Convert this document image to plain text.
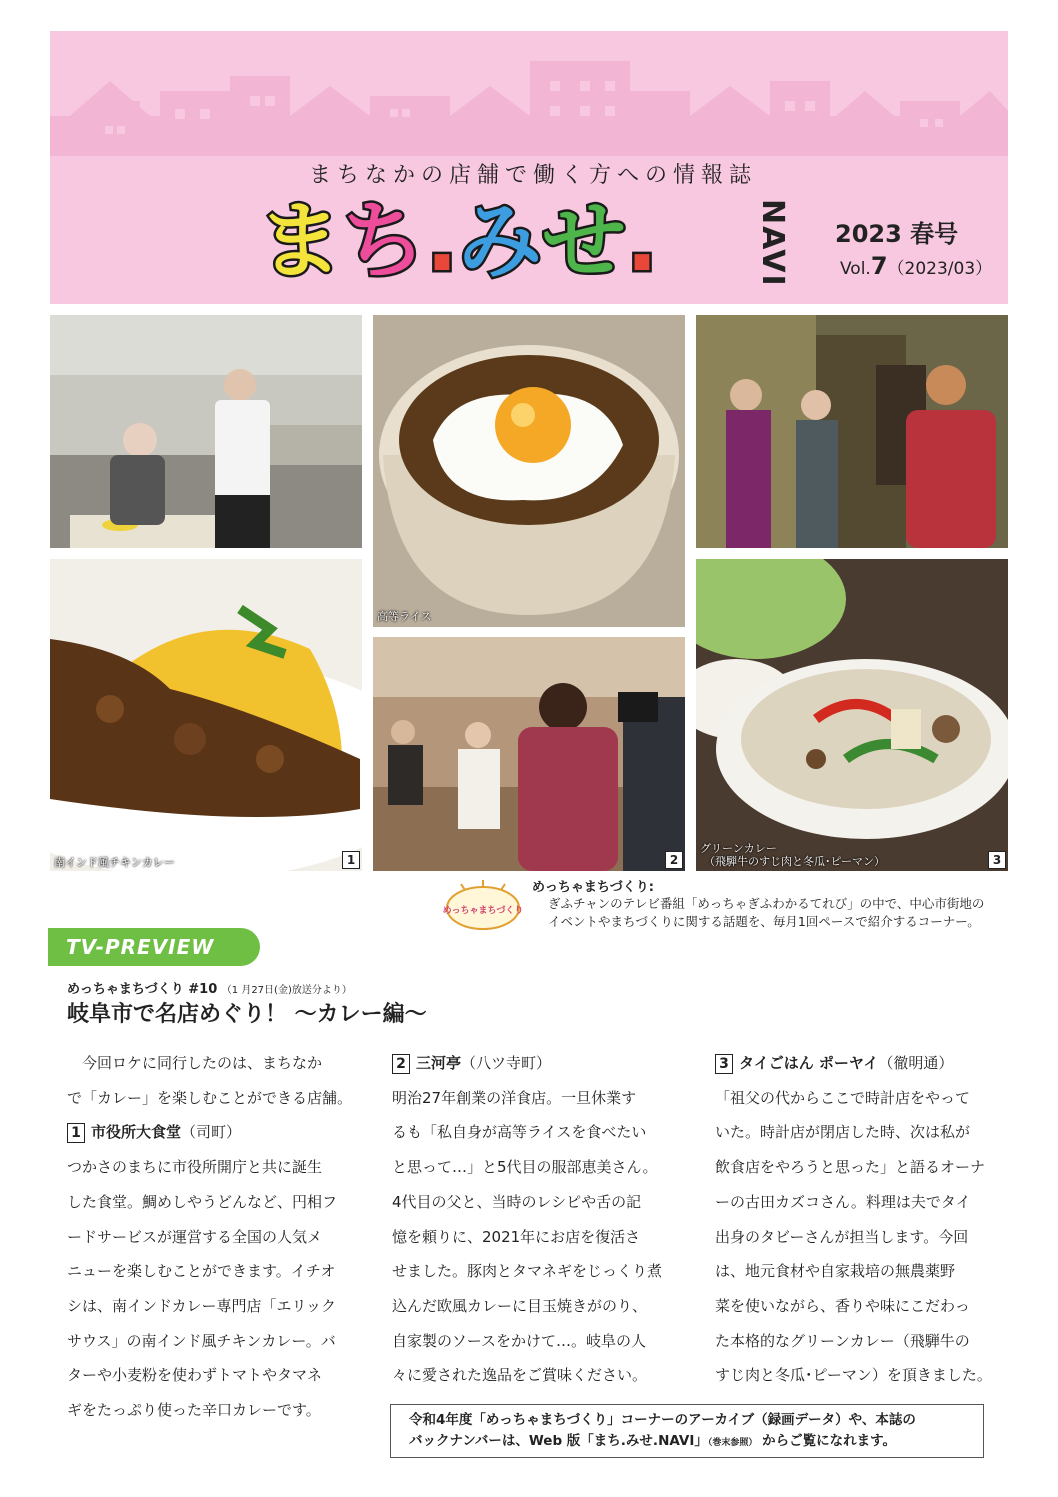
まちなかの店舗で働く方への情報誌
まち.みせ.	NAVI 2023 春号
Vol.7（2023/03）
高等ライス
南インド風チキンカレー	1	2
グリーンカレー
（飛騨牛のすじ肉と冬瓜･ピーマン）	3
めっちゃまちづくり
めっちゃまちづくり:
ぎふチャンのテレビ番組「めっちゃぎふわかるてれび」の中で、中心市街地の
イベントやまちづくりに関する話題を、毎月1回ペースで紹介するコーナー。
TV-PREVIEW
めっちゃまちづくり #10 （1 月27日(金)放送分より）
岐阜市で名店めぐり！ ～カレー編～

　今回ロケに同行したのは、まちなか

で「カレー」を楽しむことができる店舗。

1 市役所大食堂（司町）

つかさのまちに市役所開庁と共に誕生

した食堂。鯛めしやうどんなど、円相フ

ードサービスが運営する全国の人気メ

ニューを楽しむことができます。イチオ

シは、南インドカレー専門店「エリック

サウス」の南インド風チキンカレー。バ

ターや小麦粉を使わずトマトやタマネ

ギをたっぷり使った辛口カレーです。

2 三河亭（八ツ寺町）

明治27年創業の洋食店。一旦休業す

るも「私自身が高等ライスを食べたい

と思って…」と5代目の服部恵美さん。

4代目の父と、当時のレシピや舌の記

憶を頼りに、2021年にお店を復活さ

せました。豚肉とタマネギをじっくり煮

込んだ欧風カレーに目玉焼きがのり、

自家製のソースをかけて…。岐阜の人

々に愛された逸品をご賞味ください。

3 タイごはん ポーヤイ（徹明通）

「祖父の代からここで時計店をやって

いた。時計店が閉店した時、次は私が

飲食店をやろうと思った」と語るオーナ

ーの古田カズコさん。料理は夫でタイ

出身のタビーさんが担当します。今回

は、地元食材や自家栽培の無農薬野

菜を使いながら、香りや味にこだわっ

た本格的なグリーンカレー（飛騨牛の

すじ肉と冬瓜･ピーマン）を頂きました。

令和4年度「めっちゃまちづくり」コーナーのアーカイブ（録画データ）や、本誌の
バックナンバーは、Web 版「まち.みせ.NAVI」（巻末参照） からご覧になれます。
